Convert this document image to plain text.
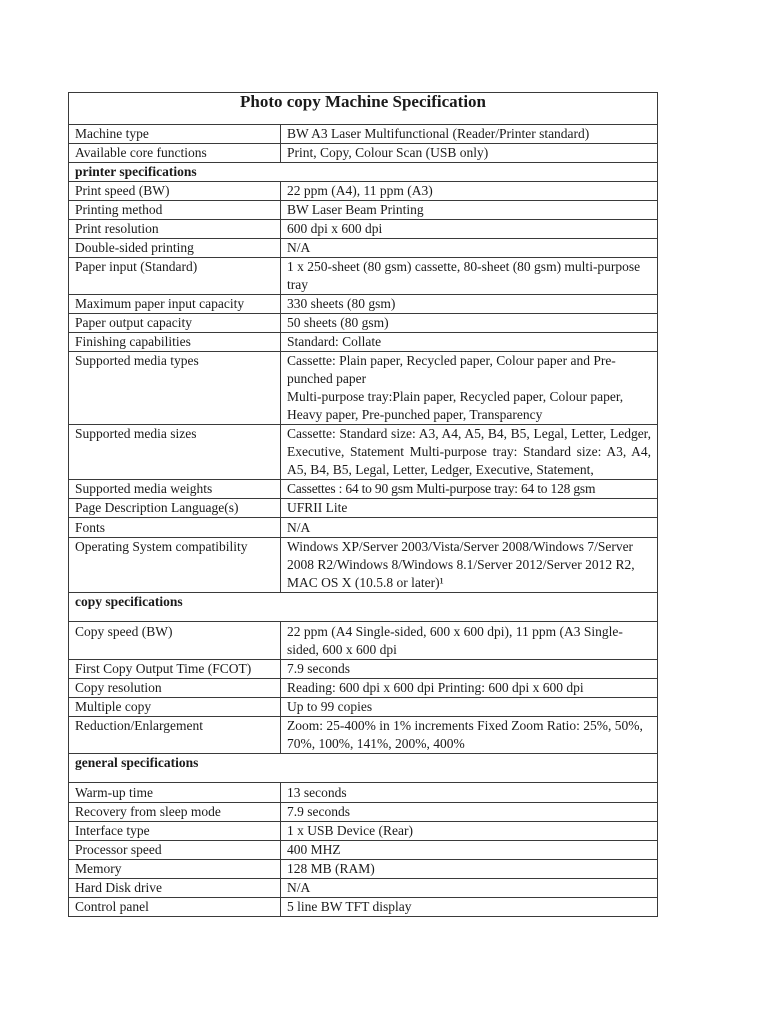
Photo copy Machine Specification	
Machine type	BW A3 Laser Multifunctional (Reader/Printer standard)
Available core functions	Print, Copy, Colour Scan (USB only)
printer specifications	
Print speed (BW)	22 ppm (A4), 11 ppm (A3)
Printing method	BW Laser Beam Printing
Print resolution	600 dpi x 600 dpi
Double-sided printing	N/A
Paper input (Standard)	1 x 250-sheet (80 gsm) cassette, 80-sheet (80 gsm) multi-purpose tray
Maximum paper input capacity	330 sheets (80 gsm)
Paper output capacity	50 sheets (80 gsm)
Finishing capabilities	Standard: Collate
Supported media types	Cassette: Plain paper, Recycled paper, Colour paper and Pre-punched paper
Multi-purpose tray:Plain paper, Recycled paper, Colour paper, Heavy paper, Pre-punched paper, Transparency

Supported media sizes	Cassette: Standard size: A3, A4, A5, B4, B5, Legal, Letter, Ledger, Executive, Statement Multi-purpose tray: Standard size: A3, A4, A5, B4, B5, Legal, Letter, Ledger, Executive, Statement,
Supported media weights	Cassettes : 64 to 90 gsm Multi-purpose tray: 64 to 128 gsm
Page Description Language(s)	UFRII Lite
Fonts	N/A
Operating System compatibility	Windows XP/Server 2003/Vista/Server 2008/Windows 7/Server 2008 R2/Windows 8/Windows 8.1/Server 2012/Server 2012 R2, MAC OS X (10.5.8 or later)¹
copy specifications	
Copy speed (BW)	22 ppm (A4 Single-sided, 600 x 600 dpi), 11 ppm (A3 Single-sided, 600 x 600 dpi
First Copy Output Time (FCOT)	7.9 seconds
Copy resolution	Reading: 600 dpi x 600 dpi Printing: 600 dpi x 600 dpi
Multiple copy	Up to 99 copies
Reduction/Enlargement	Zoom: 25-400% in 1% increments Fixed Zoom Ratio: 25%, 50%, 70%, 100%, 141%, 200%, 400%
general specifications	
Warm-up time	13 seconds
Recovery from sleep mode	7.9 seconds
Interface type	1 x USB Device (Rear)
Processor speed	400 MHZ
Memory	128 MB (RAM)
Hard Disk drive	N/A
Control panel	5 line BW TFT display
